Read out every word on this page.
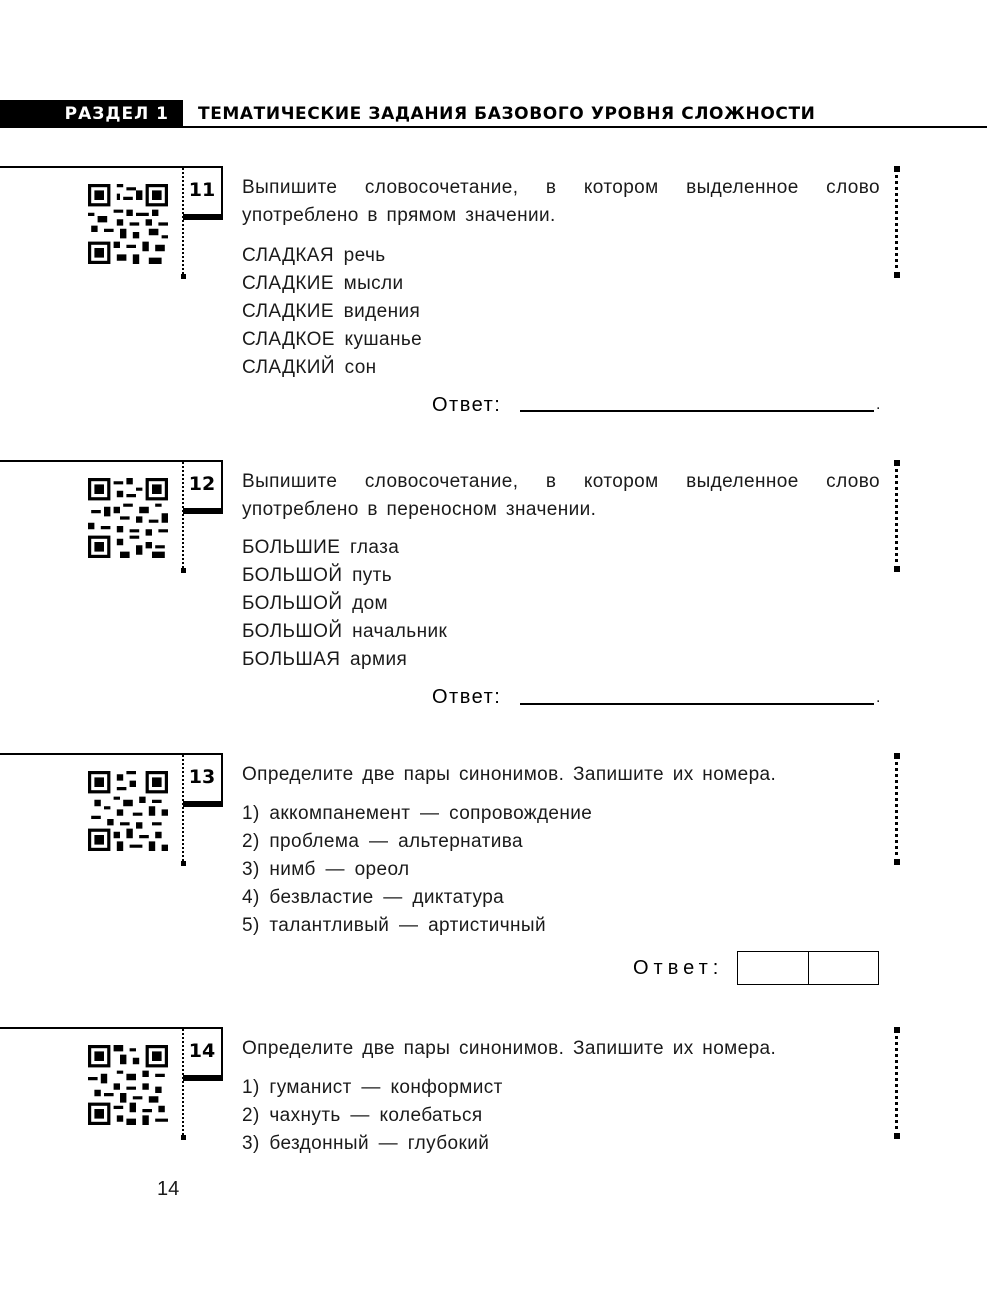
РАЗДЕЛ 1	ТЕМАТИЧЕСКИЕ ЗАДАНИЯ БАЗОВОГО УРОВНЯ СЛОЖНОСТИ
11	Выпишите словосочетание, в котором выделенное слово употреблено в прямом значении.
СЛАДКАЯ речь
СЛАДКИЕ мысли
СЛАДКИЕ видения
СЛАДКОЕ кушанье
СЛАДКИЙ сон
Ответ:	.
12	Выпишите словосочетание, в котором выделенное слово употреблено в переносном значении.
БОЛЬШИЕ глаза
БОЛЬШОЙ путь
БОЛЬШОЙ дом
БОЛЬШОЙ начальник
БОЛЬШАЯ армия
Ответ:	.
13	Определите две пары синонимов. Запишите их номера.
1) аккомпанемент — сопровождение
2) проблема — альтернатива
3) нимб — ореол
4) безвластие — диктатура
5) талантливый — артистичный
Ответ:
14	Определите две пары синонимов. Запишите их номера.
1) гуманист — конформист
2) чахнуть — колебаться
3) бездонный — глубокий
14
